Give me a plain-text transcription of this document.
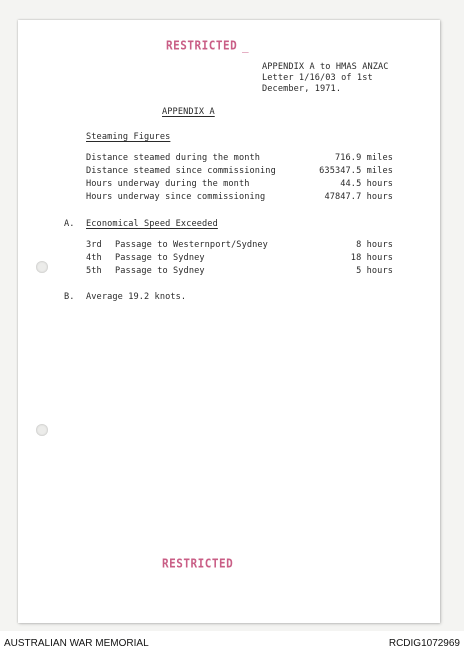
RESTRICTED _
APPENDIX A to HMAS ANZAC
Letter 1/16/03 of 1st
December, 1971.
APPENDIX A
Steaming Figures
Distance steamed during the month	716.9 miles
Distance steamed since commissioning	635347.5 miles
Hours underway during the month	44.5 hours
Hours underway since commissioning	47847.7 hours
A. Economical Speed Exceeded
3rd Passage to Westernport/Sydney	8 hours
4th Passage to Sydney	18 hours
5th Passage to Sydney	5 hours
B. Average 19.2 knots.
RESTRICTED
AUSTRALIAN WAR MEMORIAL	RCDIG1072969
